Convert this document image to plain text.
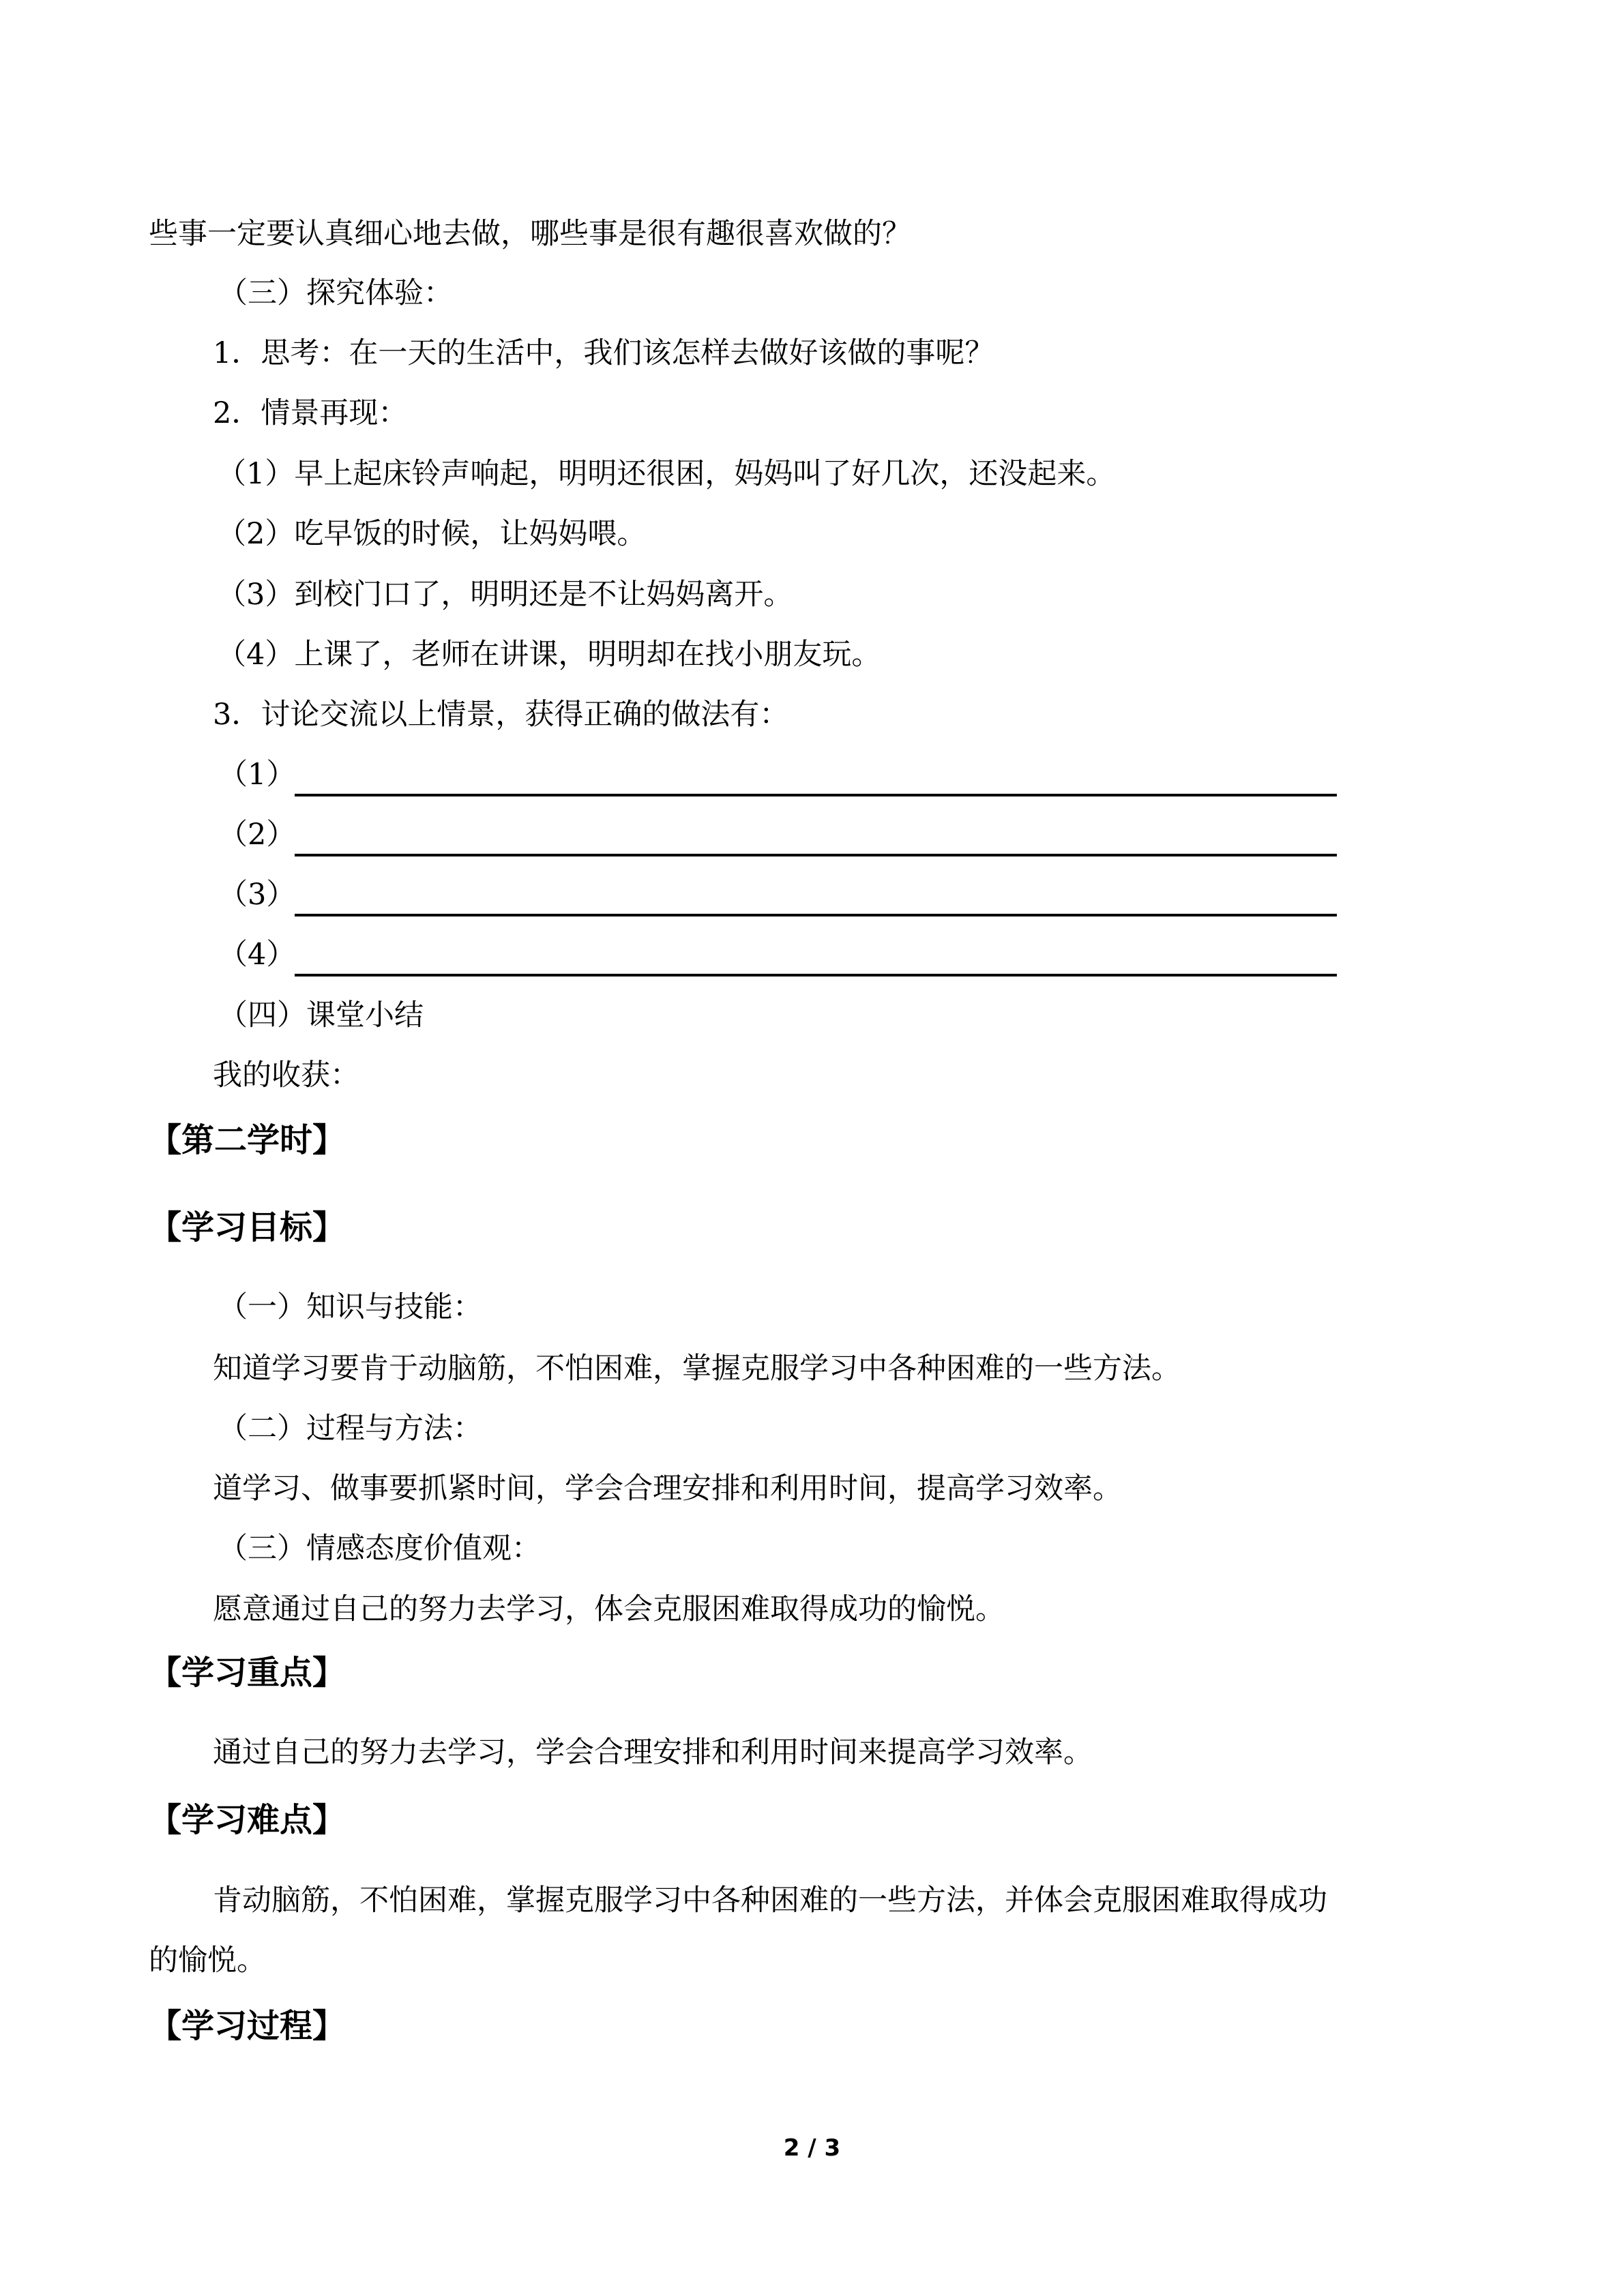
些事一定要认真细心地去做，哪些事是很有趣很喜欢做的？
（三）探究体验：
1．思考：在一天的生活中，我们该怎样去做好该做的事呢？
2．情景再现：
（1）早上起床铃声响起，明明还很困，妈妈叫了好几次，还没起来。
（2）吃早饭的时候，让妈妈喂。
（3）到校门口了，明明还是不让妈妈离开。
（4）上课了，老师在讲课，明明却在找小朋友玩。
3．讨论交流以上情景，获得正确的做法有：
（1）
（2）
（3）
（4）
（四）课堂小结
我的收获：
【第二学时】
【学习目标】
（一）知识与技能：
知道学习要肯于动脑筋，不怕困难，掌握克服学习中各种困难的一些方法。
（二）过程与方法：
道学习、做事要抓紧时间，学会合理安排和利用时间，提高学习效率。
（三）情感态度价值观：
愿意通过自己的努力去学习，体会克服困难取得成功的愉悦。
【学习重点】
通过自己的努力去学习，学会合理安排和利用时间来提高学习效率。
【学习难点】
肯动脑筋，不怕困难，掌握克服学习中各种困难的一些方法，并体会克服困难取得成功
的愉悦。
【学习过程】
2 / 3
